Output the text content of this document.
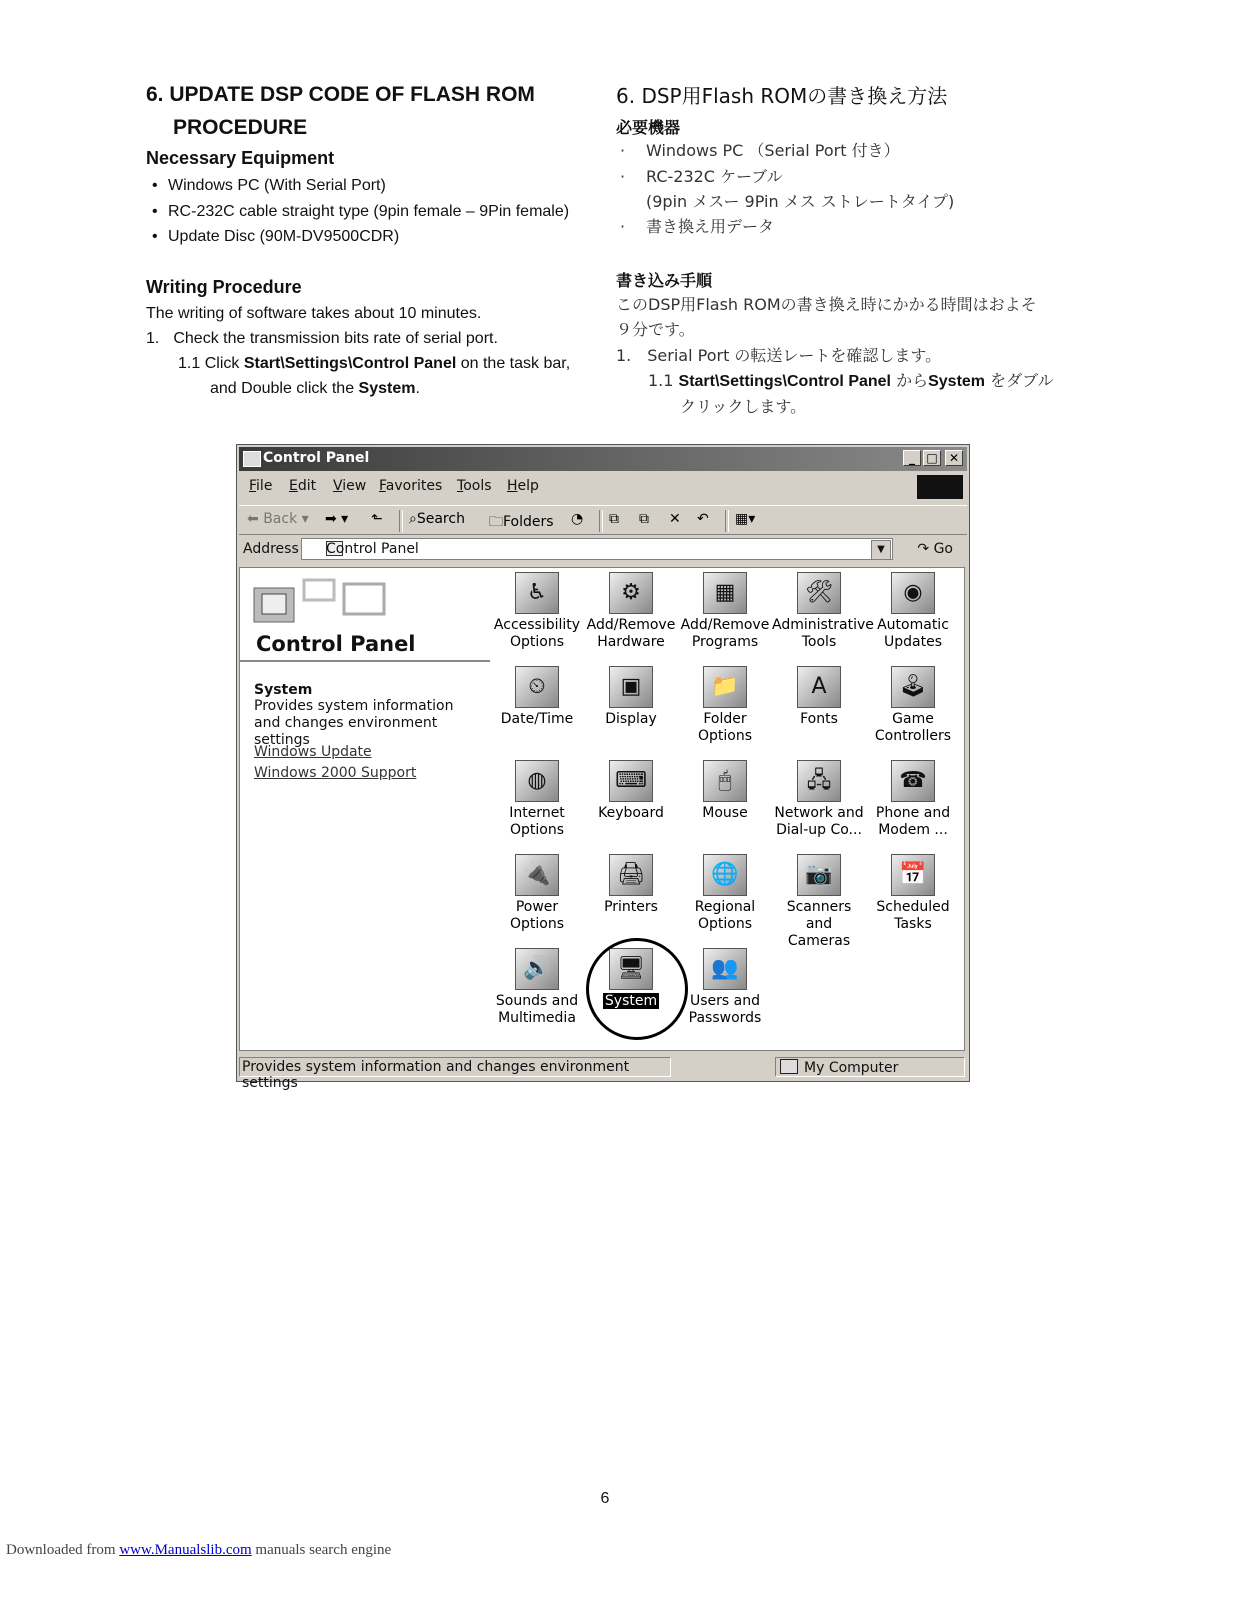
6. UPDATE DSP CODE OF FLASH ROM
PROCEDURE
Necessary Equipment
• Windows PC (With Serial Port)
• RC-232C cable straight type (9pin female – 9Pin female)
• Update Disc (90M-DV9500CDR)
Writing Procedure
The writing of software takes about 10 minutes.
1. Check the transmission bits rate of serial port.
1.1 Click Start\Settings\Control Panel on the task bar,
and Double click the System.
6. DSP用Flash ROMの書き換え方法
必要機器
· Windows PC （Serial Port 付き）
· RC-232C ケーブル
(9pin メスー 9Pin メス ストレートタイプ)
· 書き換え用データ
書き込み手順
このDSP用Flash ROMの書き換え時にかかる時間はおよそ
９分です。
1.　Serial Port の転送レートを確認します。
1.1 Start\Settings\Control Panel からSystem をダブル
クリックします。
Control Panel	_ □ ✕
File Edit View Favorites Tools Help
⬅ Back ▾ ➡ ▾ ⬑ ⌕Search 🗀Folders ◔ ⧉ ⧉ ✕ ↶ ▦▾
Address Control Panel	▼	↷ Go
Control Panel
System
Provides system information and changes environment settings
Windows Update
Windows 2000 Support
♿
Accessibility
Options
⚙
Add/Remove
Hardware
▦
Add/Remove
Programs
🛠
Administrative
Tools
◉
Automatic
Updates
⏲
Date/Time
▣
Display
📁
Folder Options
A
Fonts
🕹
Game
Controllers
◍
Internet
Options
⌨
Keyboard
🖱
Mouse
🖧
Network and
Dial-up Co...
☎
Phone and
Modem ...
🔌
Power Options
🖨
Printers
🌐
Regional
Options
📷
Scanners and
Cameras
📅
Scheduled
Tasks
🔊
Sounds and
Multimedia
🖥
System
👥
Users and
Passwords
Provides system information and changes environment settings
My Computer
6
Downloaded from www.Manualslib.com manuals search engine
